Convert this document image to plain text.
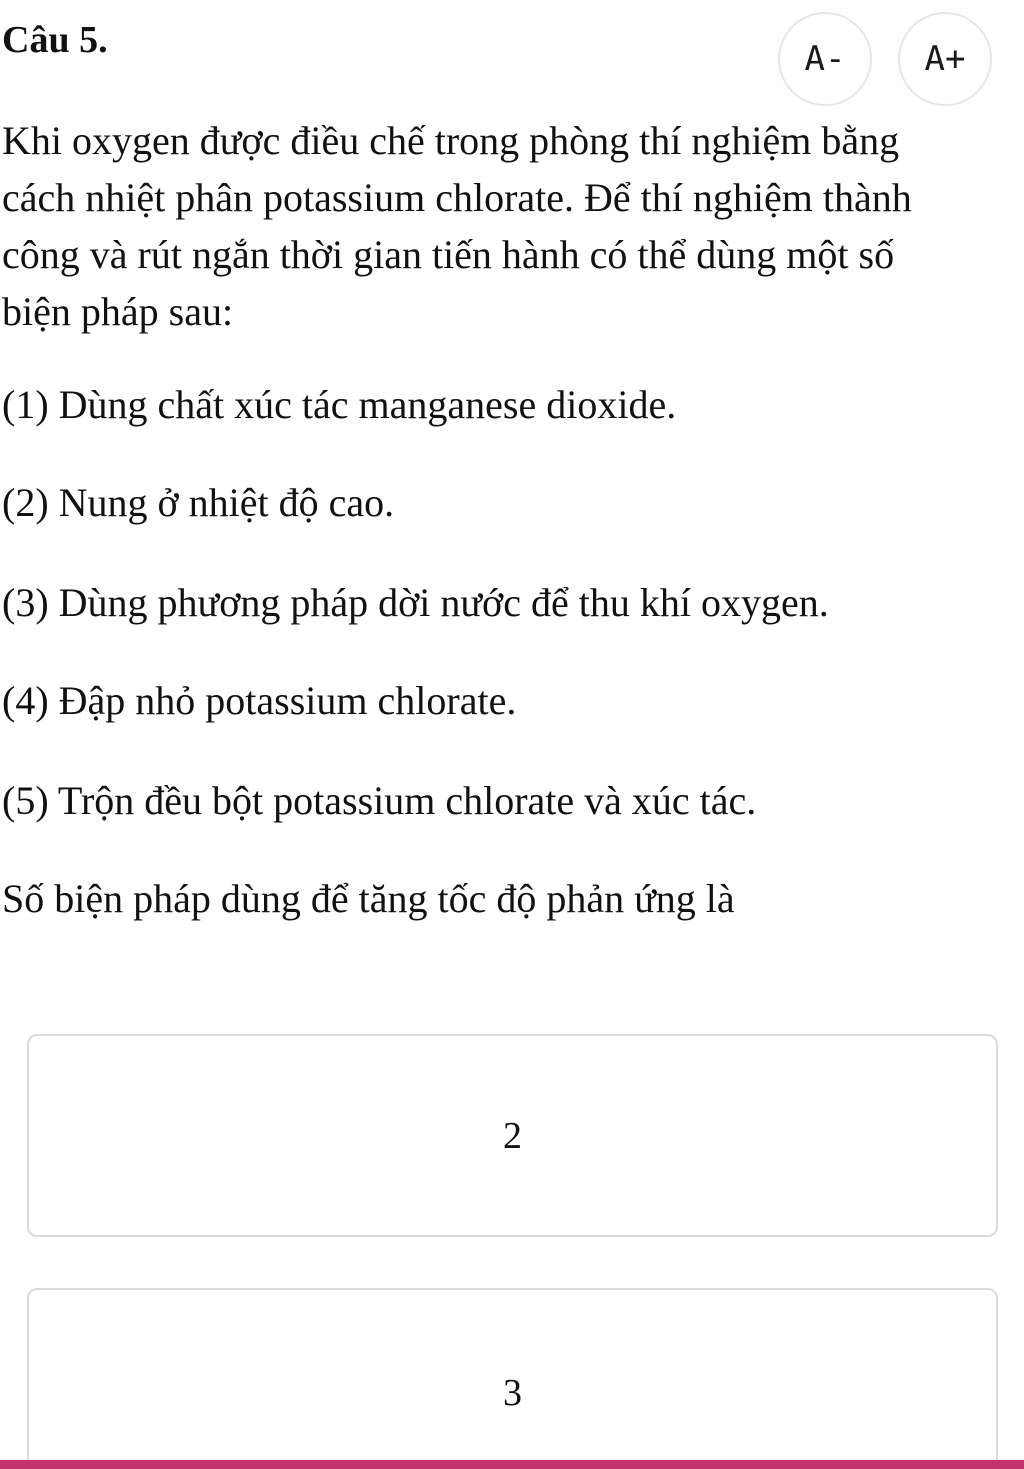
Câu 5.	A-	A+

Khi oxygen được điều chế trong phòng thí nghiệm bằng
cách nhiệt phân potassium chlorate. Để thí nghiệm thành
công và rút ngắn thời gian tiến hành có thể dùng một số
biện pháp sau:

(1) Dùng chất xúc tác manganese dioxide.

(2) Nung ở nhiệt độ cao.

(3) Dùng phương pháp dời nước để thu khí oxygen.

(4) Đập nhỏ potassium chlorate.

(5) Trộn đều bột potassium chlorate và xúc tác.

Số biện pháp dùng để tăng tốc độ phản ứng là

2
3
